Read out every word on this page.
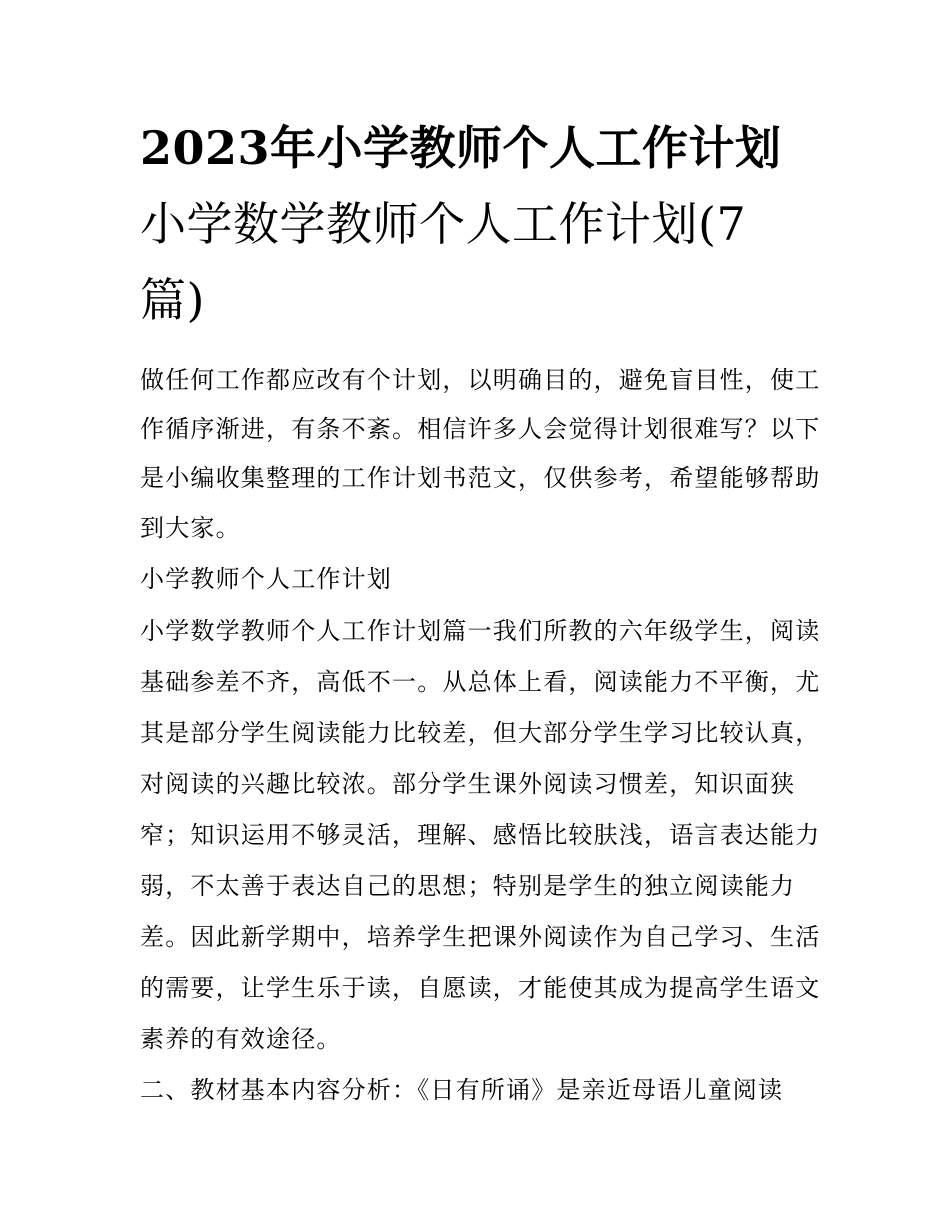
2023年小学教师个人工作计划
小学数学教师个人工作计划(7
篇)
做任何工作都应改有个计划，以明确目的，避免盲目性，使工
作循序渐进，有条不紊。相信许多人会觉得计划很难写？以下
是小编收集整理的工作计划书范文，仅供参考，希望能够帮助
到大家。
小学教师个人工作计划
小学数学教师个人工作计划篇一我们所教的六年级学生，阅读
基础参差不齐，高低不一。从总体上看，阅读能力不平衡，尤
其是部分学生阅读能力比较差，但大部分学生学习比较认真，
对阅读的兴趣比较浓。部分学生课外阅读习惯差，知识面狭
窄；知识运用不够灵活，理解、感悟比较肤浅，语言表达能力
弱，不太善于表达自己的思想；特别是学生的独立阅读能力
差。因此新学期中，培养学生把课外阅读作为自己学习、生活
的需要，让学生乐于读，自愿读，才能使其成为提高学生语文
素养的有效途径。
二、教材基本内容分析：《日有所诵》是亲近母语儿童阅读
